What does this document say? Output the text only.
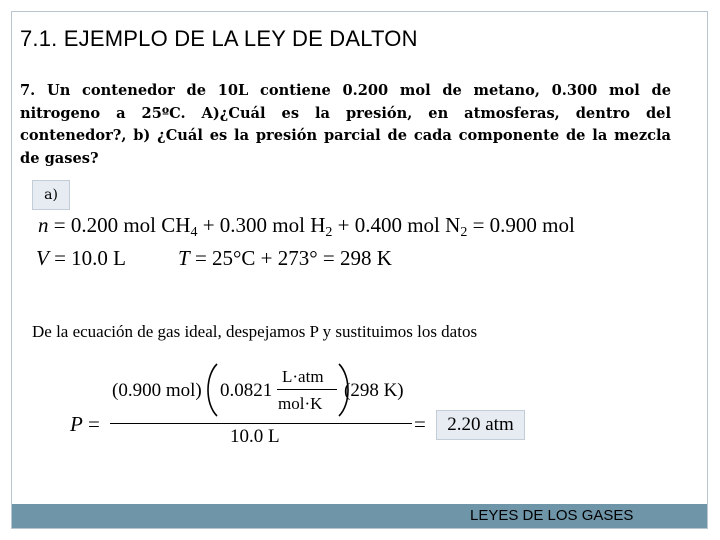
7.1. EJEMPLO DE LA LEY DE DALTON

7. Un contenedor de 10L contiene 0.200 mol de metano, 0.300 mol de nitrogeno a 25ºC. A)¿Cuál es la presión, en atmosferas, dentro del contenedor?, b) ¿Cuál es la presión parcial de cada componente de la mezcla de gases?

a)
n = 0.200 mol $CH_4 + 0.300$ mol $H_2 + 0.400$ mol $N_2 = 0.900$ mol
V = 10.0 L T = 25°C + 273° = 298 K

De la ecuación de gas ideal, despejamos P y sustituimos los datos

P =
(0.900 mol) 0.0821
L·atm
mol·K
(298 K)
10.0 L
=	2.20 atm
LEYES DE LOS GASES
